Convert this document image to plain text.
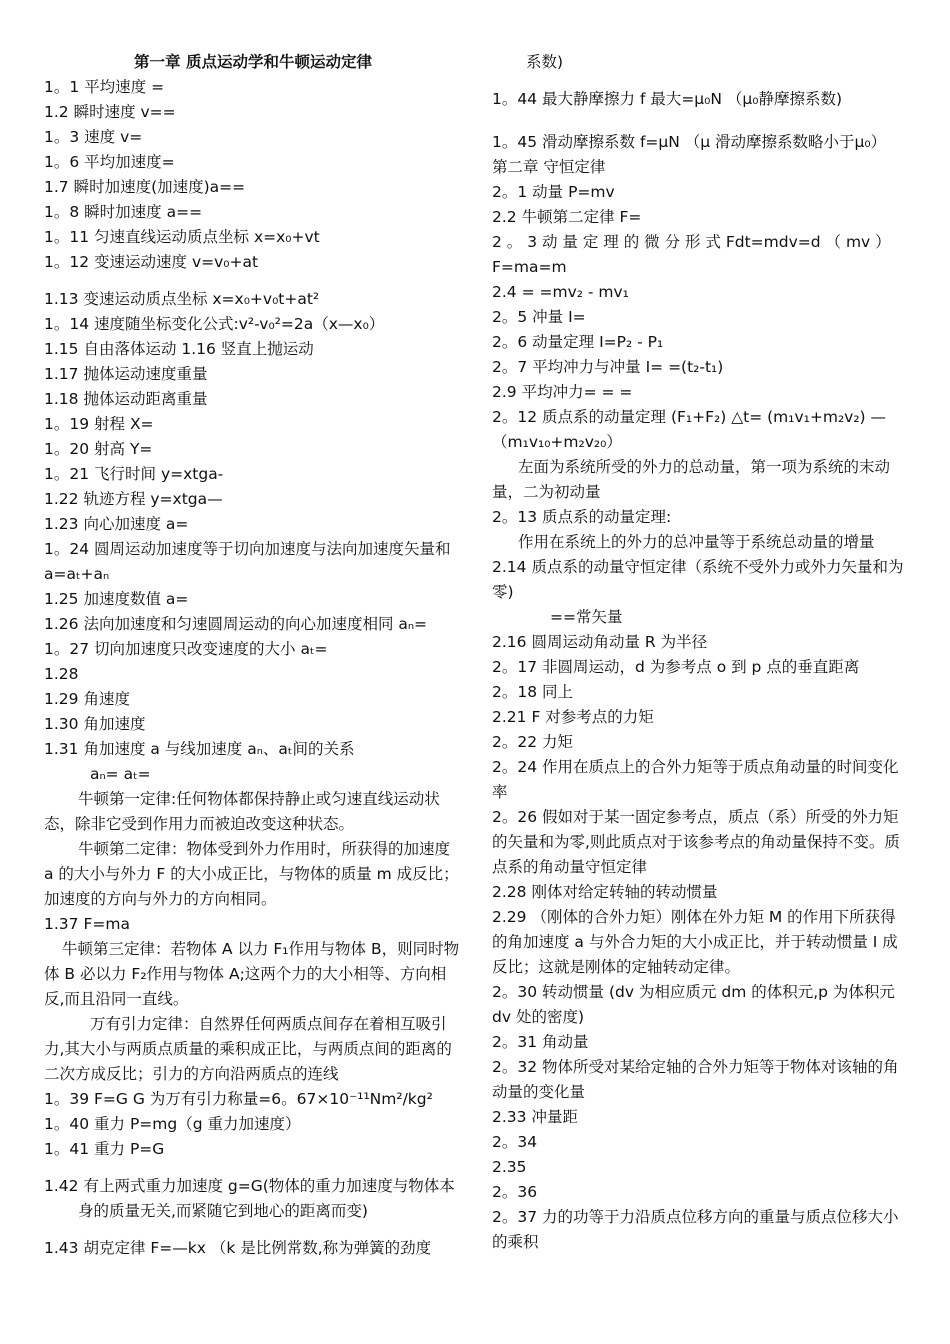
第一章 质点运动学和牛顿运动定律
1。1 平均速度 =
1.2 瞬时速度 v==
1。3 速度 v=
1。6 平均加速度=
1.7 瞬时加速度(加速度)a==
1。8 瞬时加速度 a==
1。11 匀速直线运动质点坐标 x=x₀+vt
1。12 变速运动速度 v=v₀+at
1.13 变速运动质点坐标 x=x₀+v₀t+at²
1。14 速度随坐标变化公式:v²-v₀²=2a（x—x₀）
1.15 自由落体运动 1.16 竖直上抛运动
1.17 抛体运动速度重量
1.18 抛体运动距离重量
1。19 射程 X=
1。20 射高 Y=
1。21 飞行时间 y=xtga-
1.22 轨迹方程 y=xtga—
1.23 向心加速度 a=
1。24 圆周运动加速度等于切向加速度与法向加速度矢量和 a=aₜ+aₙ
1.25 加速度数值 a=
1.26 法向加速度和匀速圆周运动的向心加速度相同 aₙ=
1。27 切向加速度只改变速度的大小 aₜ=
1.28
1.29 角速度
1.30 角加速度
1.31 角加速度 a 与线加速度 aₙ、aₜ间的关系
aₙ= aₜ=
牛顿第一定律:任何物体都保持静止或匀速直线运动状态，除非它受到作用力而被迫改变这种状态。
牛顿第二定律：物体受到外力作用时，所获得的加速度 a 的大小与外力 F 的大小成正比，与物体的质量 m 成反比；加速度的方向与外力的方向相同。
1.37 F=ma
牛顿第三定律：若物体 A 以力 F₁作用与物体 B，则同时物体 B 必以力 F₂作用与物体 A;这两个力的大小相等、方向相反,而且沿同一直线。
万有引力定律：自然界任何两质点间存在着相互吸引力,其大小与两质点质量的乘积成正比，与两质点间的距离的二次方成反比；引力的方向沿两质点的连线
1。39 F=G G 为万有引力称量=6。67×10⁻¹¹Nm²/kg²
1。40 重力 P=mg（g 重力加速度）
1。41 重力 P=G
1.42 有上两式重力加速度 g=G(物体的重力加速度与物体本身的质量无关,而紧随它到地心的距离而变)
1.43 胡克定律 F=—kx （k 是比例常数,称为弹簧的劲度
系数)
1。44 最大静摩擦力 f 最大=μ₀N （μ₀静摩擦系数)
1。45 滑动摩擦系数 f=μN （μ 滑动摩擦系数略小于μ₀）
第二章 守恒定律
2。1 动量 P=mv
2.2 牛顿第二定律 F=
2 。 3 动 量 定 理 的 微 分 形 式 Fdt=mdv=d （ mv ）F=ma=m
2.4 = =mv₂ - mv₁
2。5 冲量 I=
2。6 动量定理 I=P₂ - P₁
2。7 平均冲力与冲量 I= =(t₂-t₁)
2.9 平均冲力= = =
2。12 质点系的动量定理 (F₁+F₂) △t= (m₁v₁+m₂v₂) —（m₁v₁₀+m₂v₂₀）
左面为系统所受的外力的总动量，第一项为系统的末动量，二为初动量
2。13 质点系的动量定理:
作用在系统上的外力的总冲量等于系统总动量的增量
2.14 质点系的动量守恒定律（系统不受外力或外力矢量和为零)
==常矢量
2.16 圆周运动角动量 R 为半径
2。17 非圆周运动，d 为参考点 o 到 p 点的垂直距离
2。18 同上
2.21 F 对参考点的力矩
2。22 力矩
2。24 作用在质点上的合外力矩等于质点角动量的时间变化率
2。26 假如对于某一固定参考点，质点（系）所受的外力矩的矢量和为零,则此质点对于该参考点的角动量保持不变。质点系的角动量守恒定律
2.28 刚体对给定转轴的转动惯量
2.29 （刚体的合外力矩）刚体在外力矩 M 的作用下所获得的角加速度 a 与外合力矩的大小成正比，并于转动惯量 I 成反比；这就是刚体的定轴转动定律。
2。30 转动惯量 (dv 为相应质元 dm 的体积元,p 为体积元 dv 处的密度)
2。31 角动量
2。32 物体所受对某给定轴的合外力矩等于物体对该轴的角动量的变化量
2.33 冲量距
2。34
2.35
2。36
2。37 力的功等于力沿质点位移方向的重量与质点位移大小的乘积
